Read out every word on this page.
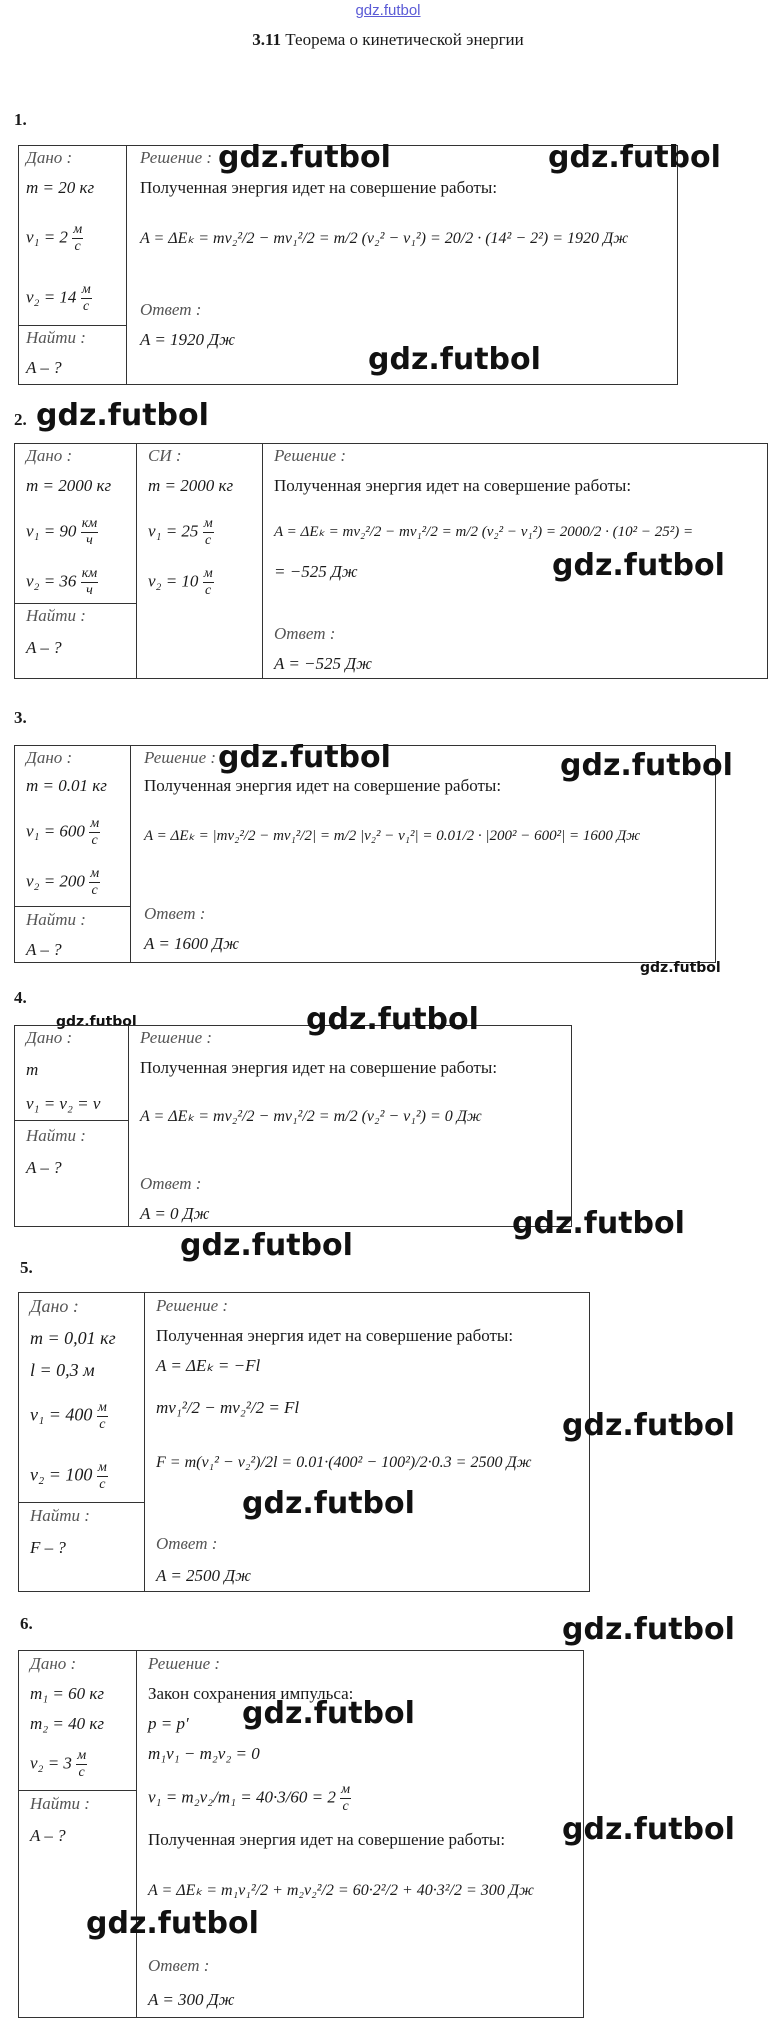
gdz.futbol
3.11 Теорема о кинетической энергии
1.
Дано :
m = 20 кг
$v_1 = 2 \frac{м}{с}$
$v_2 = 14 \frac{м}{с}$
Найти :
A – ?
Решение :
Полученная энергия идет на совершение работы:
A = ΔEₖ = mv₂²/2 − mv₁²/2 = m/2 (v₂² − v₁²) = 20/2 · (14² − 2²) = 1920 Дж
Ответ :
A = 1920 Дж
gdz.futbol	gdz.futbol
gdz.futbol
2. gdz.futbol
Дано :
m = 2000 кг
$v_1 = 90 \frac{км}{ч}$
$v_2 = 36 \frac{км}{ч}$
Найти :
A – ?
СИ :
m = 2000 кг
$v_1 = 25 \frac{м}{с}$
$v_2 = 10 \frac{м}{с}$
Решение :
Полученная энергия идет на совершение работы:
A = ΔEₖ = mv₂²/2 − mv₁²/2 = m/2 (v₂² − v₁²) = 2000/2 · (10² − 25²) =
= −525 Дж
Ответ :
A = −525 Дж
gdz.futbol
3.
Дано :
m = 0.01 кг
$v_1 = 600 \frac{м}{с}$
$v_2 = 200 \frac{м}{с}$
Найти :
A – ?
Решение :
Полученная энергия идет на совершение работы:
A = ΔEₖ = |mv₂²/2 − mv₁²/2| = m/2 |v₂² − v₁²| = 0.01/2 · |200² − 600²| = 1600 Дж
Ответ :
A = 1600 Дж
gdz.futbol	gdz.futbol
gdz.futbol
4.
gdz.futbol
Дано :
m
v₁ = v₂ = v
Найти :
A – ?
Решение :
Полученная энергия идет на совершение работы:
A = ΔEₖ = mv₂²/2 − mv₁²/2 = m/2 (v₂² − v₁²) = 0 Дж
Ответ :
A = 0 Дж
gdz.futbol
gdz.futbol
gdz.futbol
5.
Дано :
m = 0,01 кг
l = 0,3 м
$v_1 = 400 \frac{м}{с}$
$v_2 = 100 \frac{м}{с}$
Найти :
F – ?
Решение :
Полученная энергия идет на совершение работы:
A = ΔEₖ = −Fl
mv₁²/2 − mv₂²/2 = Fl
F = m(v₁² − v₂²)/2l = 0.01·(400² − 100²)/2·0.3 = 2500 Дж
Ответ :
A = 2500 Дж
gdz.futbol
gdz.futbol
6.
Дано :
m₁ = 60 кг
m₂ = 40 кг
$v_2 = 3 \frac{м}{с}$
Найти :
A – ?
Решение :
Закон сохранения импульса:
p = p′
m₁v₁ − m₂v₂ = 0
$v_1 = m_2v_2/m_1 = 40\cdot 3/60 = 2 \frac{м}{с}$
Полученная энергия идет на совершение работы:
A = ΔEₖ = m₁v₁²/2 + m₂v₂²/2 = 60·2²/2 + 40·3²/2 = 300 Дж
Ответ :
A = 300 Дж
gdz.futbol
gdz.futbol
gdz.futbol
gdz.futbol
